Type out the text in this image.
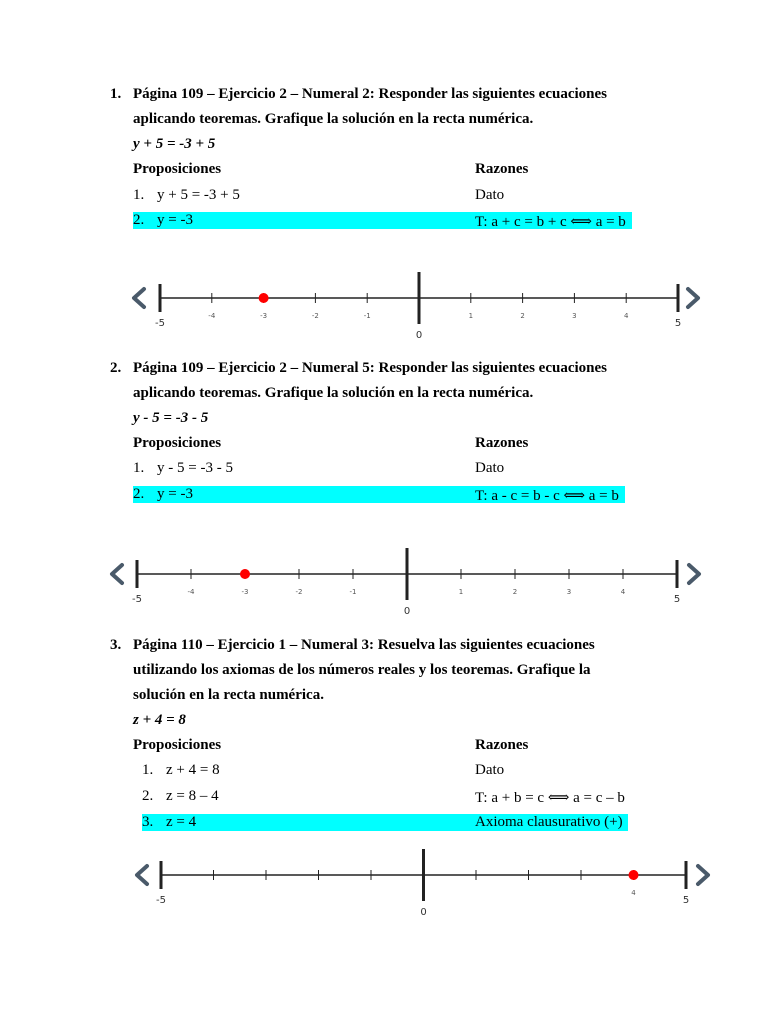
1. Página 109 – Ejercicio 2 – Numeral 2: Responder las siguientes ecuaciones
aplicando teoremas. Grafique la solución en la recta numérica.
y + 5 = -3 + 5
Proposiciones	Razones
1. y + 5 = -3 + 5	Dato
2. y = -3	T: a + c = b + c ⟺ a = b
-5
-4	-3	-2	-1
0
1	2	3	4
5
2. Página 109 – Ejercicio 2 – Numeral 5: Responder las siguientes ecuaciones
aplicando teoremas. Grafique la solución en la recta numérica.
y - 5 = -3 - 5
Proposiciones	Razones
1. y - 5 = -3 - 5	Dato
2. y = -3	T: a - c = b - c ⟺ a = b
-5
-4	-3	-2	-1
0
1	2	3	4
5
3. Página 110 – Ejercicio 1 – Numeral 3: Resuelva las siguientes ecuaciones
utilizando los axiomas de los números reales y los teoremas. Grafique la
solución en la recta numérica.
z + 4 = 8
Proposiciones	Razones
1. z + 4 = 8	Dato
2. z = 8 – 4	T: a + b = c ⟺ a = c – b
3. z = 4	Axioma clausurativo (+)
-5
0
4
5
